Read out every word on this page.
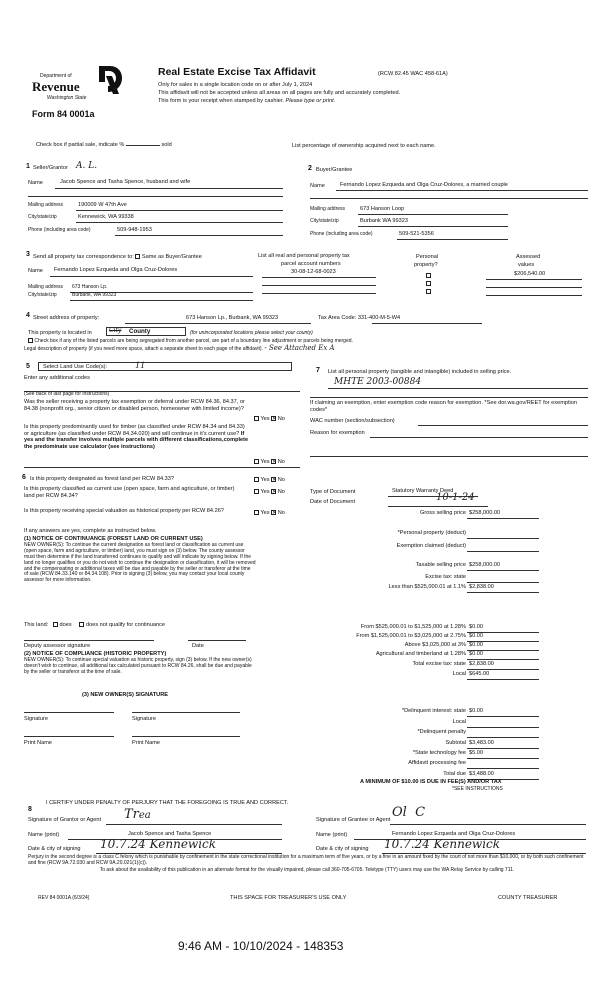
Department of
Revenue
Washington State
Form 84 0001a
Real Estate Excise Tax Affidavit	(RCW 82.45 WAC 458-61A)
Only for sales in a single location code on or after July 1, 2024
This affidavit will not be accepted unless all areas on all pages are fully and accurately completed.
This form is your receipt when stamped by cashier. Please type or print.
Check box if partial sale, indicate %	sold	List percentage of ownership acquired next to each name.
1 Seller/Grantor A. L.
Name	Jacob Spence and Tasha Spence, husband and wife
Mailing address	190009 W 47th Ave
City/state/zip	Kennewick, WA 99338
Phone (including area code)	509-948-1953
2 Buyer/Grantee
Name	Fernando Lopez Ezqueda and Olga Cruz-Dolores, a married couple
Mailing address	673 Hanson Loop
City/state/zip	Burbank WA 99323
Phone (including area code)	509-521-5356
3 Send all property tax correspondence to: Same as Buyer/Grantee
Name Fernando Lopez Ezqueda and Olga Cruz-Dolores
Mailing address 673 Hanson Lp.
City/state/zip	Burbank, WA 99323
List all real and personal property tax
parcel account numbers
30-08-12-68-0023
Personal
property?
Assessed
values
$206,540.00
4 Street address of property:	673 Hanson Lp., Burbank, WA 99323	Tax Area Code: 331-400-M-5-W4
This property is located in	City County	(for unincorporated locations please select your county)
Check box if any of the listed parcels are being segregated from another parcel, are part of a boundary line adjustment or parcels being merged.
Legal description of property (if you need more space, attach a separate sheet to each page of the affidavit). - See Attached Ex A
5 Select Land Use Code(s):	11
Enter any additional codes
(See back of last page for instructions)
Was the seller receiving a property tax exemption or deferral under RCW 84.36, 84.37, or 84.38 (nonprofit org., senior citizen or disabled person, homeowner with limited income)?
Yes ✕ No
Is this property predominantly used for timber (as classified under RCW 84.34 and 84.33) or agriculture (as classified under RCW 84.34.020) and will continue in it's current use? If yes and the transfer involves multiple parcels with different classifications,complete the predominate use calculator (see instructions)
Yes ✕ No
7 List all personal property (tangible and intangible) included in selling price.
MHTE 2003-00884
If claiming an exemption, enter exemption code reason for exemption. *See dor.wa.gov/REET for exemption codes*
WAC number (section/subsection)
Reason for exemption
6 Is this property designated as forest land per RCW 84.33?	Yes ✕ No
Is this property classified as current use (open space, farm and agriculture, or timber) land per RCW 84.34?
Yes ✕ No
Is this property receiving special valuation as historical property per RCW 84.26?	Yes ✕ No
If any answers are yes, complete as instructed below.
(1) NOTICE OF CONTINUANCE (FOREST LAND OR CURRENT USE)
NEW OWNER(S): To continue the current designation as forest land or classification as current use (open space, farm and agriculture, or timber) land, you must sign on (3) below. The county assessor must then determine if the land transferred continues to qualify and will indicate by signing below. If the land no longer qualifies or you do not wish to continue the designation or classification, it will be removed and the compensating or additional taxes will be due and payable by the seller or transferor at the time of sale (RCW 84.33.140 or 84.34.108). Prior to signing (3) below, you may contact your local county assessor for more information.
This land: does	does not qualify for continuance
Deputy assessor signature	Date
(2) NOTICE OF COMPLIANCE (HISTORIC PROPERTY)
NEW OWNER(S): To continue special valuation as historic property, sign (3) below. If the new owner(s) doesn't wish to continue, all additional tax calculated pursuant to RCW 84.26, shall be due and payable by the seller or transferor at the time of sale.
(3) NEW OWNER(S) SIGNATURE
Signature	Signature
Print Name	Print Name
Type of Document	Statutory Warranty Deed
Date of Document	10-1-24
Gross selling price $258,000.00
*Personal property (deduct)
Exemption claimed (deduct)
Taxable selling price $258,000.00
Excise tax: state
Less than $525,000.01 at 1.1% $2,838.00
From $525,000.01 to $1,525,000 at 1.28% $0.00
From $1,525,000.01 to $3,025,000 at 2.75% $0.00
Above $3,025,000 at 3% $0.00
Agricultural and timberland at 1.28% $0.00
Total excise tax: state $2,838.00
Local $645.00
*Delinquent interest: state $0.00
Local
*Delinquent penalty
Subtotal $3,483.00
*State technology fee $5.00
Affidavit processing fee
Total due $3,488.00
A MINIMUM OF $10.00 IS DUE IN FEE(S) AND/OR TAX
*SEE INSTRUCTIONS
8
I CERTIFY UNDER PENALTY OF PERJURY THAT THE FOREGOING IS TRUE AND CORRECT.
Signature of Grantor or Agent Trea	Signature of Grantee or Agent Ol  C
Name (print)	Jacob Spence and Tasha Spence	Name (print)	Fernando Lopez Ezqueda and Olga Cruz-Dolores
Date & city of signing 10.7.24 Kennewick	Date & city of signing 10.7.24 Kennewick
Perjury in the second degree is a class C felony which is punishable by confinement in the state correctional institution for a maximum term of five years, or by a fine in an amount fixed by the court of not more than $10,000, or by both such confinement and fine (RCW 9A.72.030 and RCW 9A.20.021(1)(c)).
To ask about the availability of this publication in an alternate format for the visually impaired, please call 360-705-6705. Teletype (TTY) users may use the WA Relay Service by calling 711.
REV 84 0001A (6/3/24)	THIS SPACE FOR TREASURER'S USE ONLY	COUNTY TREASURER
9:46 AM - 10/10/2024 - 148353
